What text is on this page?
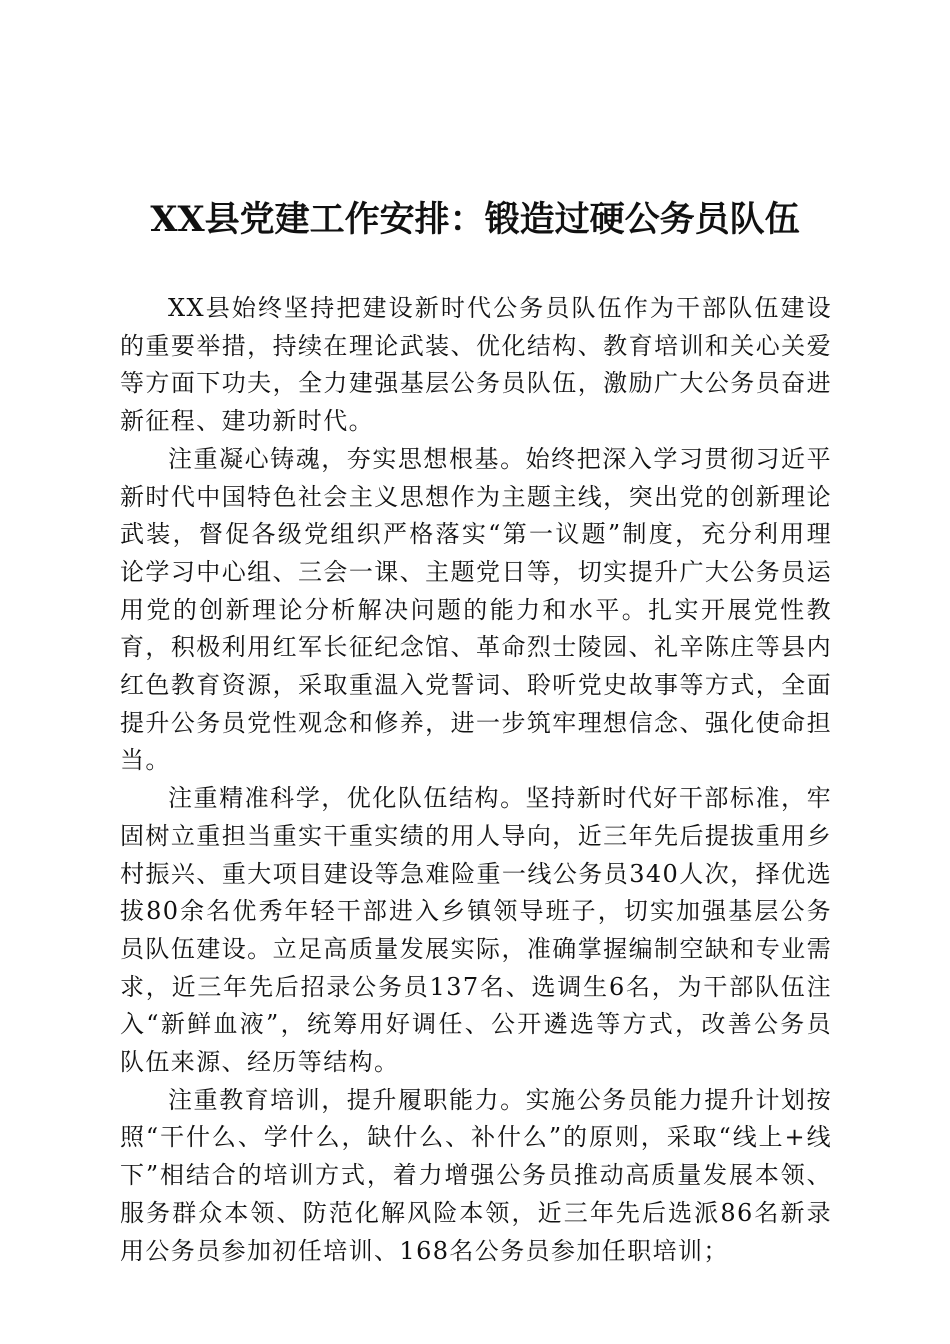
XX县党建工作安排：锻造过硬公务员队伍

XX县始终坚持把建设新时代公务员队伍作为干部队伍建设的重要举措，持续在理论武装、优化结构、教育培训和关心关爱等方面下功夫，全力建强基层公务员队伍，激励广大公务员奋进新征程、建功新时代。

注重凝心铸魂，夯实思想根基。始终把深入学习贯彻习近平新时代中国特色社会主义思想作为主题主线，突出党的创新理论武装，督促各级党组织严格落实“第一议题”制度，充分利用理论学习中心组、三会一课、主题党日等，切实提升广大公务员运用党的创新理论分析解决问题的能力和水平。扎实开展党性教育，积极利用红军长征纪念馆、革命烈士陵园、礼辛陈庄等县内红色教育资源，采取重温入党誓词、聆听党史故事等方式，全面提升公务员党性观念和修养，进一步筑牢理想信念、强化使命担当。

注重精准科学，优化队伍结构。坚持新时代好干部标准，牢固树立重担当重实干重实绩的用人导向，近三年先后提拔重用乡村振兴、重大项目建设等急难险重一线公务员340人次，择优选拔80余名优秀年轻干部进入乡镇领导班子，切实加强基层公务员队伍建设。立足高质量发展实际，准确掌握编制空缺和专业需求，近三年先后招录公务员137名、选调生6名，为干部队伍注入“新鲜血液”，统筹用好调任、公开遴选等方式，改善公务员队伍来源、经历等结构。

注重教育培训，提升履职能力。实施公务员能力提升计划按照“干什么、学什么，缺什么、补什么”的原则，采取“线上+线下”相结合的培训方式，着力增强公务员推动高质量发展本领、服务群众本领、防范化解风险本领，近三年先后选派86名新录用公务员参加初任培训、168名公务员参加任职培训；
